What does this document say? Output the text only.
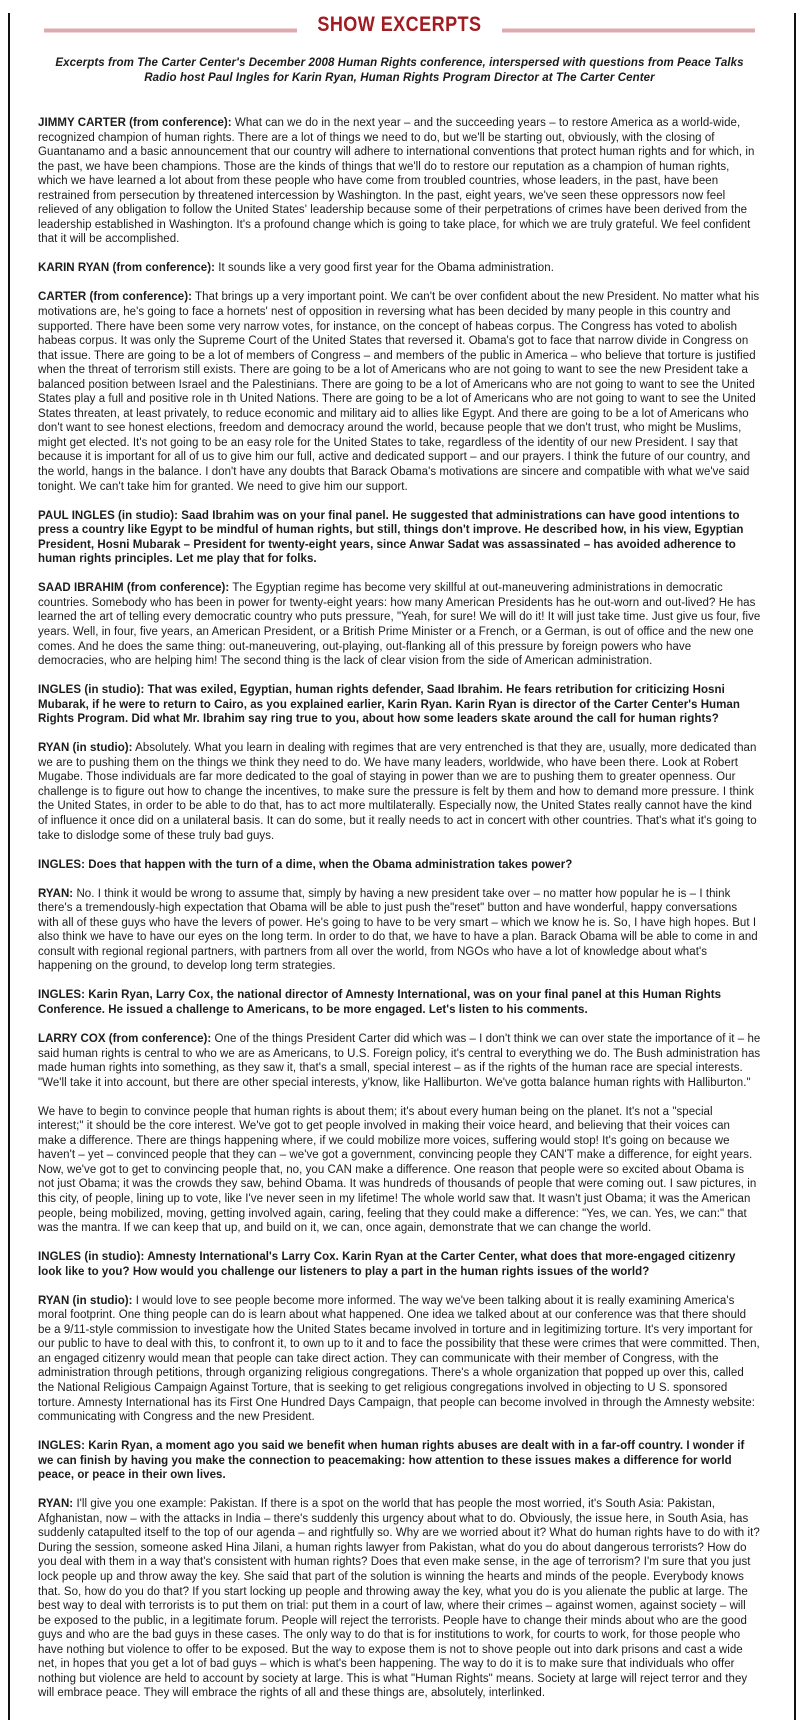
SHOW EXCERPTS
Excerpts from The Carter Center's December 2008 Human Rights conference, interspersed with questions from Peace Talks Radio host Paul Ingles for Karin Ryan, Human Rights Program Director at The Carter Center

JIMMY CARTER (from conference): What can we do in the next year – and the succeeding years – to restore America as a world-wide, recognized champion of human rights. There are a lot of things we need to do, but we'll be starting out, obviously, with the closing of Guantanamo and a basic announcement that our country will adhere to international conventions that protect human rights and for which, in the past, we have been champions. Those are the kinds of things that we'll do to restore our reputation as a champion of human rights, which we have learned a lot about from these people who have come from troubled countries, whose leaders, in the past, have been restrained from persecution by threatened intercession by Washington. In the past, eight years, we've seen these oppressors now feel relieved of any obligation to follow the United States' leadership because some of their perpetrations of crimes have been derived from the leadership established in Washington. It's a profound change which is going to take place, for which we are truly grateful. We feel confident that it will be accomplished.

KARIN RYAN (from conference): It sounds like a very good first year for the Obama administration.

CARTER (from conference): That brings up a very important point. We can't be over confident about the new President. No matter what his motivations are, he's going to face a hornets' nest of opposition in reversing what has been decided by many people in this country and supported. There have been some very narrow votes, for instance, on the concept of habeas corpus. The Congress has voted to abolish habeas corpus. It was only the Supreme Court of the United States that reversed it. Obama's got to face that narrow divide in Congress on that issue. There are going to be a lot of members of Congress – and members of the public in America – who believe that torture is justified when the threat of terrorism still exists. There are going to be a lot of Americans who are not going to want to see the new President take a balanced position between Israel and the Palestinians. There are going to be a lot of Americans who are not going to want to see the United States play a full and positive role in th United Nations. There are going to be a lot of Americans who are not going to want to see the United States threaten, at least privately, to reduce economic and military aid to allies like Egypt. And there are going to be a lot of Americans who don't want to see honest elections, freedom and democracy around the world, because people that we don't trust, who might be Muslims, might get elected. It's not going to be an easy role for the United States to take, regardless of the identity of our new President. I say that because it is important for all of us to give him our full, active and dedicated support – and our prayers. I think the future of our country, and the world, hangs in the balance. I don't have any doubts that Barack Obama's motivations are sincere and compatible with what we've said tonight. We can't take him for granted. We need to give him our support.

PAUL INGLES (in studio): Saad Ibrahim was on your final panel. He suggested that administrations can have good intentions to press a country like Egypt to be mindful of human rights, but still, things don't improve. He described how, in his view, Egyptian President, Hosni Mubarak – President for twenty-eight years, since Anwar Sadat was assassinated – has avoided adherence to human rights principles. Let me play that for folks.

SAAD IBRAHIM (from conference): The Egyptian regime has become very skillful at out-maneuvering administrations in democratic countries. Somebody who has been in power for twenty-eight years: how many American Presidents has he out-worn and out-lived? He has learned the art of telling every democratic country who puts pressure, "Yeah, for sure! We will do it! It will just take time. Just give us four, five years. Well, in four, five years, an American President, or a British Prime Minister or a French, or a German, is out of office and the new one comes. And he does the same thing: out-maneuvering, out-playing, out-flanking all of this pressure by foreign powers who have democracies, who are helping him! The second thing is the lack of clear vision from the side of American administration.

INGLES (in studio): That was exiled, Egyptian, human rights defender, Saad Ibrahim. He fears retribution for criticizing Hosni Mubarak, if he were to return to Cairo, as you explained earlier, Karin Ryan. Karin Ryan is director of the Carter Center's Human Rights Program. Did what Mr. Ibrahim say ring true to you, about how some leaders skate around the call for human rights?

RYAN (in studio): Absolutely. What you learn in dealing with regimes that are very entrenched is that they are, usually, more dedicated than we are to pushing them on the things we think they need to do. We have many leaders, worldwide, who have been there. Look at Robert Mugabe. Those individuals are far more dedicated to the goal of staying in power than we are to pushing them to greater openness. Our challenge is to figure out how to change the incentives, to make sure the pressure is felt by them and how to demand more pressure. I think the United States, in order to be able to do that, has to act more multilaterally. Especially now, the United States really cannot have the kind of influence it once did on a unilateral basis. It can do some, but it really needs to act in concert with other countries. That's what it's going to take to dislodge some of these truly bad guys.

INGLES: Does that happen with the turn of a dime, when the Obama administration takes power?

RYAN: No. I think it would be wrong to assume that, simply by having a new president take over – no matter how popular he is – I think there's a tremendously-high expectation that Obama will be able to just push the"reset" button and have wonderful, happy conversations with all of these guys who have the levers of power. He's going to have to be very smart – which we know he is. So, I have high hopes. But I also think we have to have our eyes on the long term. In order to do that, we have to have a plan. Barack Obama will be able to come in and consult with regional regional partners, with partners from all over the world, from NGOs who have a lot of knowledge about what's happening on the ground, to develop long term strategies.

INGLES: Karin Ryan, Larry Cox, the national director of Amnesty International, was on your final panel at this Human Rights Conference. He issued a challenge to Americans, to be more engaged. Let's listen to his comments.

LARRY COX (from conference): One of the things President Carter did which was – I don't think we can over state the importance of it – he said human rights is central to who we are as Americans, to U.S. Foreign policy, it's central to everything we do. The Bush administration has made human rights into something, as they saw it, that's a small, special interest – as if the rights of the human race are special interests. "We'll take it into account, but there are other special interests, y'know, like Halliburton. We've gotta balance human rights with Halliburton."

We have to begin to convince people that human rights is about them; it's about every human being on the planet. It's not a "special interest;" it should be the core interest. We've got to get people involved in making their voice heard, and believing that their voices can make a difference. There are things happening where, if we could mobilize more voices, suffering would stop! It's going on because we haven't – yet – convinced people that they can – we've got a government, convincing people they CAN'T make a difference, for eight years. Now, we've got to get to convincing people that, no, you CAN make a difference. One reason that people were so excited about Obama is not just Obama; it was the crowds they saw, behind Obama. It was hundreds of thousands of people that were coming out. I saw pictures, in this city, of people, lining up to vote, like I've never seen in my lifetime! The whole world saw that. It wasn't just Obama; it was the American people, being mobilized, moving, getting involved again, caring, feeling that they could make a difference: "Yes, we can. Yes, we can:" that was the mantra. If we can keep that up, and build on it, we can, once again, demonstrate that we can change the world.

INGLES (in studio): Amnesty International's Larry Cox. Karin Ryan at the Carter Center, what does that more-engaged citizenry look like to you? How would you challenge our listeners to play a part in the human rights issues of the world?

RYAN (in studio): I would love to see people become more informed. The way we've been talking about it is really examining America's moral footprint. One thing people can do is learn about what happened. One idea we talked about at our conference was that there should be a 9/11-style commission to investigate how the United States became involved in torture and in legitimizing torture. It's very important for our public to have to deal with this, to confront it, to own up to it and to face the possibility that these were crimes that were committed. Then, an engaged citizenry would mean that people can take direct action. They can communicate with their member of Congress, with the administration through petitions, through organizing religious congregations. There's a whole organization that popped up over this, called the National Religious Campaign Against Torture, that is seeking to get religious congregations involved in objecting to U S. sponsored torture. Amnesty International has its First One Hundred Days Campaign, that people can become involved in through the Amnesty website: communicating with Congress and the new President.

INGLES: Karin Ryan, a moment ago you said we benefit when human rights abuses are dealt with in a far-off country. I wonder if we can finish by having you make the connection to peacemaking: how attention to these issues makes a difference for world peace, or peace in their own lives.

RYAN: I'll give you one example: Pakistan. If there is a spot on the world that has people the most worried, it's South Asia: Pakistan, Afghanistan, now – with the attacks in India – there's suddenly this urgency about what to do. Obviously, the issue here, in South Asia, has suddenly catapulted itself to the top of our agenda – and rightfully so. Why are we worried about it? What do human rights have to do with it? During the session, someone asked Hina Jilani, a human rights lawyer from Pakistan, what do you do about dangerous terrorists? How do you deal with them in a way that's consistent with human rights? Does that even make sense, in the age of terrorism? I'm sure that you just lock people up and throw away the key. She said that part of the solution is winning the hearts and minds of the people. Everybody knows that. So, how do you do that? If you start locking up people and throwing away the key, what you do is you alienate the public at large. The best way to deal with terrorists is to put them on trial: put them in a court of law, where their crimes – against women, against society – will be exposed to the public, in a legitimate forum. People will reject the terrorists. People have to change their minds about who are the good guys and who are the bad guys in these cases. The only way to do that is for institutions to work, for courts to work, for those people who have nothing but violence to offer to be exposed. But the way to expose them is not to shove people out into dark prisons and cast a wide net, in hopes that you get a lot of bad guys – which is what's been happening. The way to do it is to make sure that individuals who offer nothing but violence are held to account by society at large. This is what "Human Rights" means. Society at large will reject terror and they will embrace peace. They will embrace the rights of all and these things are, absolutely, interlinked.
